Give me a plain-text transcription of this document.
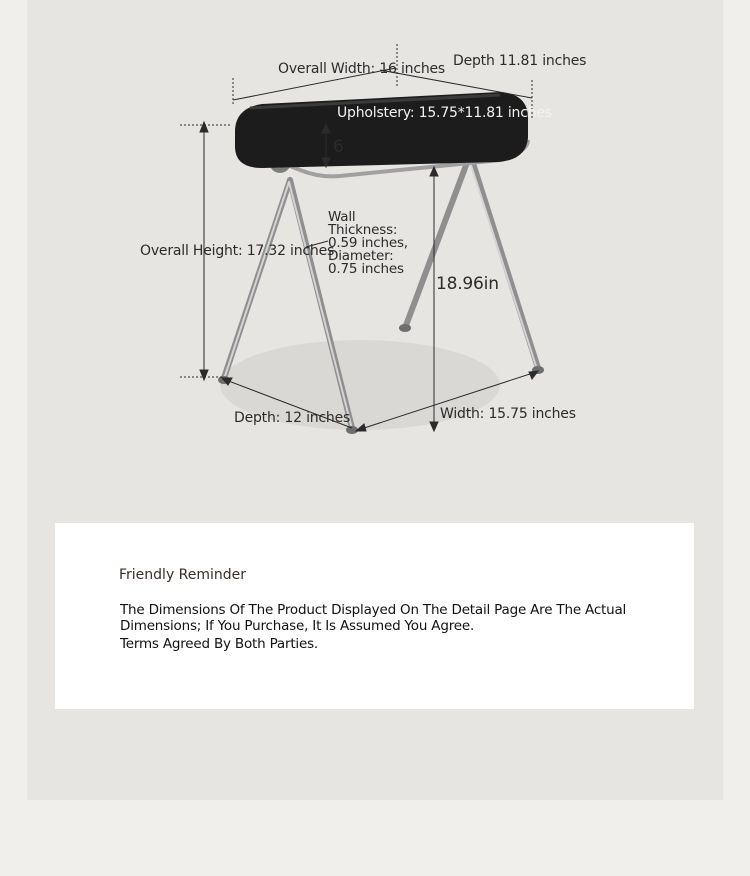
Overall Width: 16 inches Depth 11.81 inches
Upholstery: 15.75*11.81 inches
6
Overall Height: 17.32 inches
Wall Thickness: 0.59 inches, Diameter: 0.75 inches
18.96in
Depth: 12 inches	Width: 15.75 inches
Friendly Reminder
The Dimensions Of The Product Displayed On The Detail Page Are The Actual Dimensions; If You Purchase, It Is Assumed You Agree.
Terms Agreed By Both Parties.
